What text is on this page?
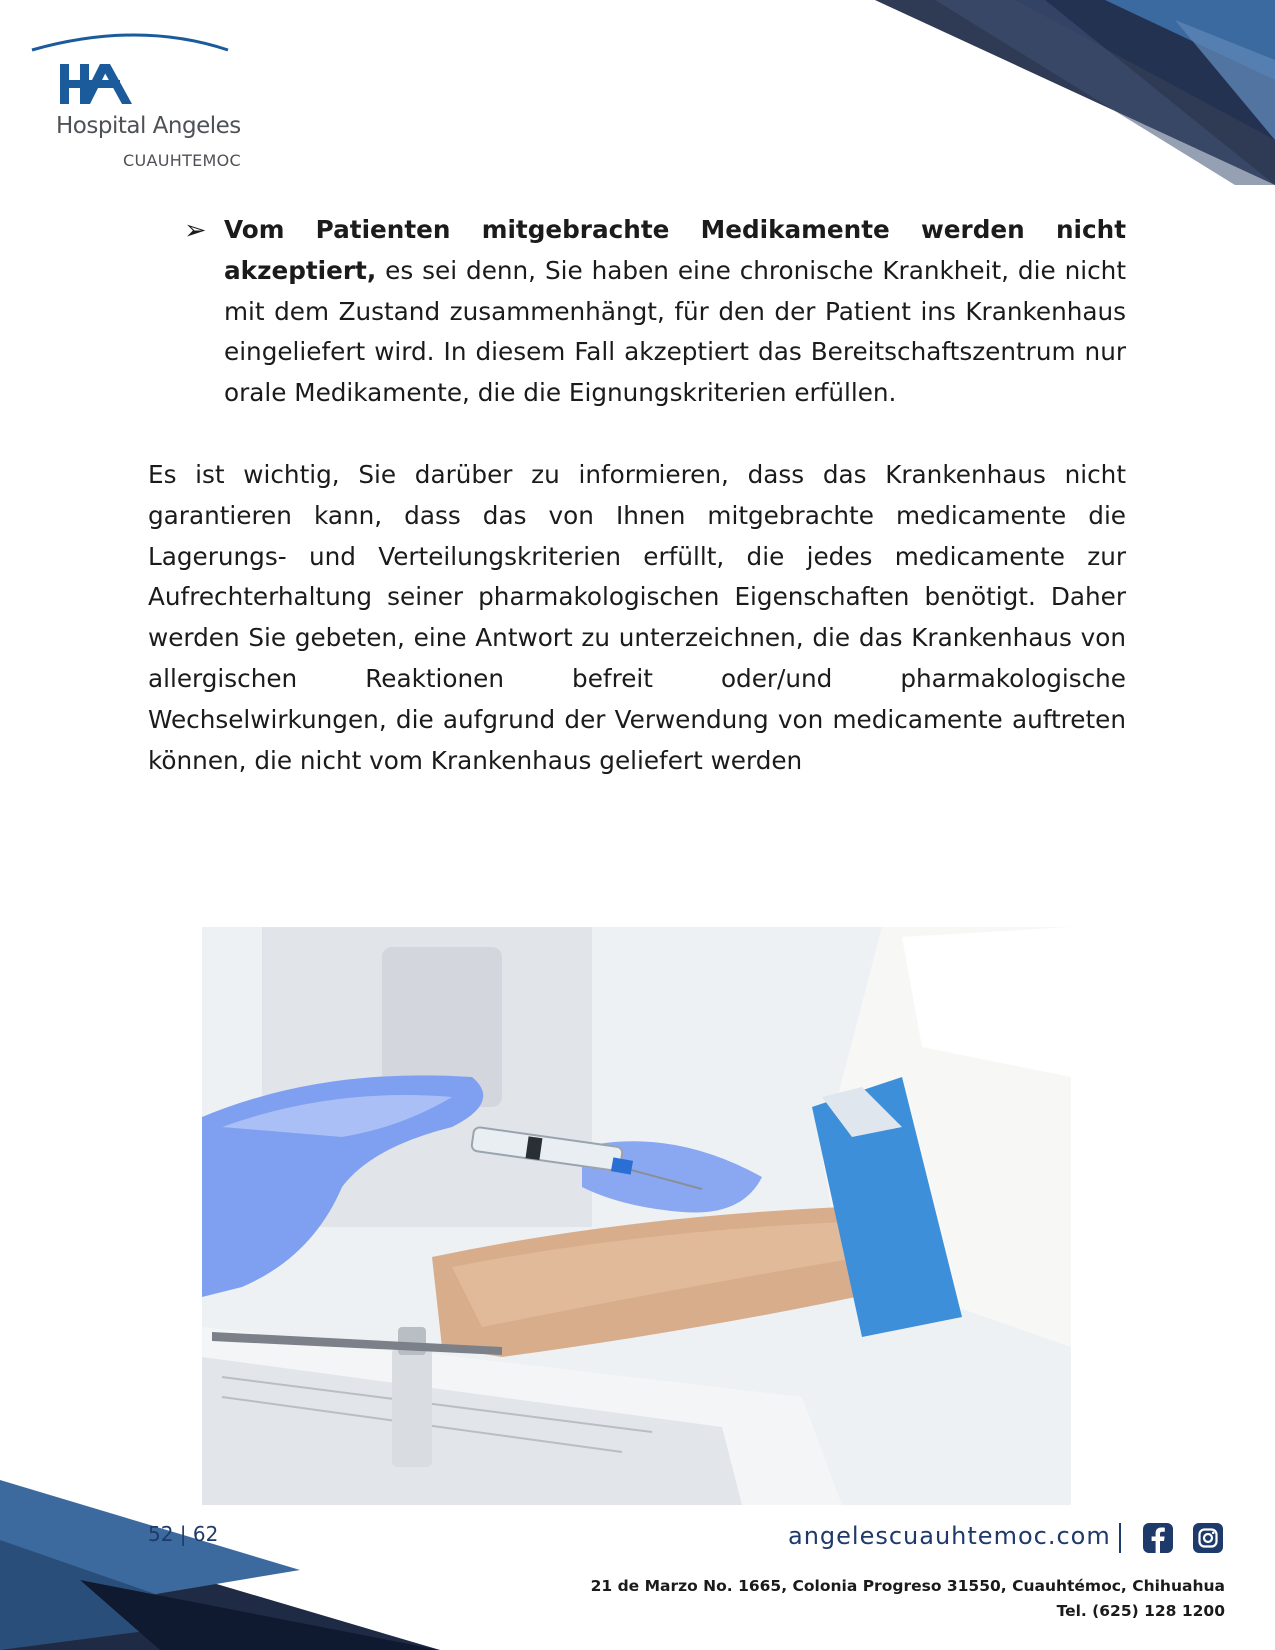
Hospital Angeles
CUAUHTEMOC
➢ Vom Patienten mitgebrachte Medikamente werden nicht akzeptiert, es sei denn, Sie haben eine chronische Krankheit, die nicht mit dem Zustand zusammenhängt, für den der Patient ins Krankenhaus eingeliefert wird. In diesem Fall akzeptiert das Bereitschaftszentrum nur orale Medikamente, die die Eignungskriterien erfüllen.

Es ist wichtig, Sie darüber zu informieren, dass das Krankenhaus nicht garantieren kann, dass das von Ihnen mitgebrachte medicamente die Lagerungs- und Verteilungskriterien erfüllt, die jedes medicamente zur Aufrechterhaltung seiner pharmakologischen Eigenschaften benötigt. Daher werden Sie gebeten, eine Antwort zu unterzeichnen, die das Krankenhaus von allergischen Reaktionen befreit oder/und pharmakologische Wechselwirkungen, die aufgrund der Verwendung von medicamente auftreten können, die nicht vom Krankenhaus geliefert werden

52 | 62	angelescuauhtemoc.com
21 de Marzo No. 1665, Colonia Progreso 31550, Cuauhtémoc, Chihuahua
Tel. (625) 128 1200
